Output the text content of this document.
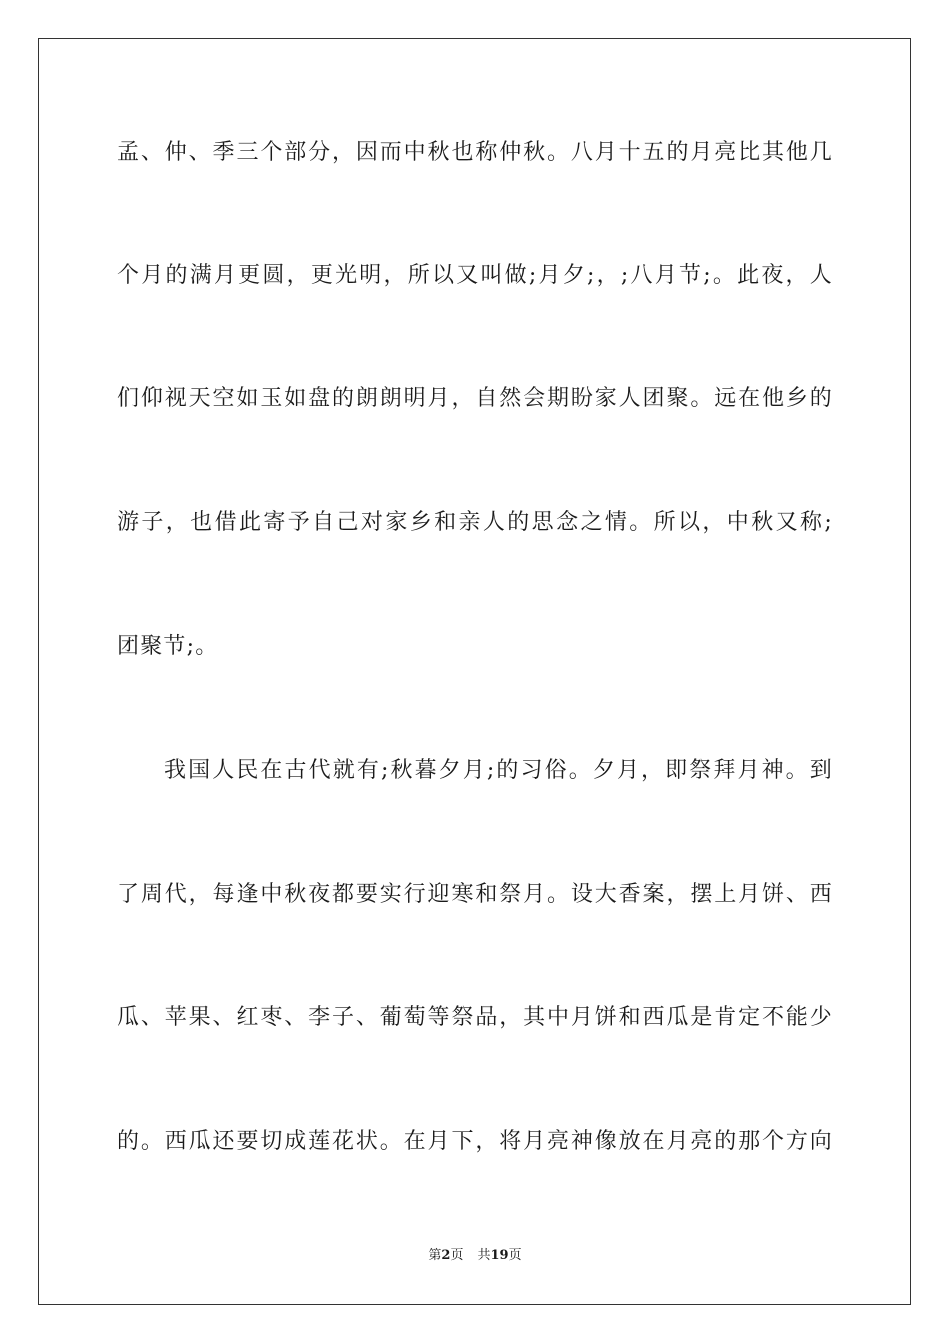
孟、仲、季三个部分，因而中秋也称仲秋。八月十五的月亮比其他几
个月的满月更圆，更光明，所以又叫做;月夕;，;八月节;。此夜，人
们仰视天空如玉如盘的朗朗明月，自然会期盼家人团聚。远在他乡的
游子，也借此寄予自己对家乡和亲人的思念之情。所以，中秋又称;
团聚节;。
我国人民在古代就有;秋暮夕月;的习俗。夕月，即祭拜月神。到
了周代，每逢中秋夜都要实行迎寒和祭月。设大香案，摆上月饼、西
瓜、苹果、红枣、李子、葡萄等祭品，其中月饼和西瓜是肯定不能少
的。西瓜还要切成莲花状。在月下，将月亮神像放在月亮的那个方向
第2页 共19页
